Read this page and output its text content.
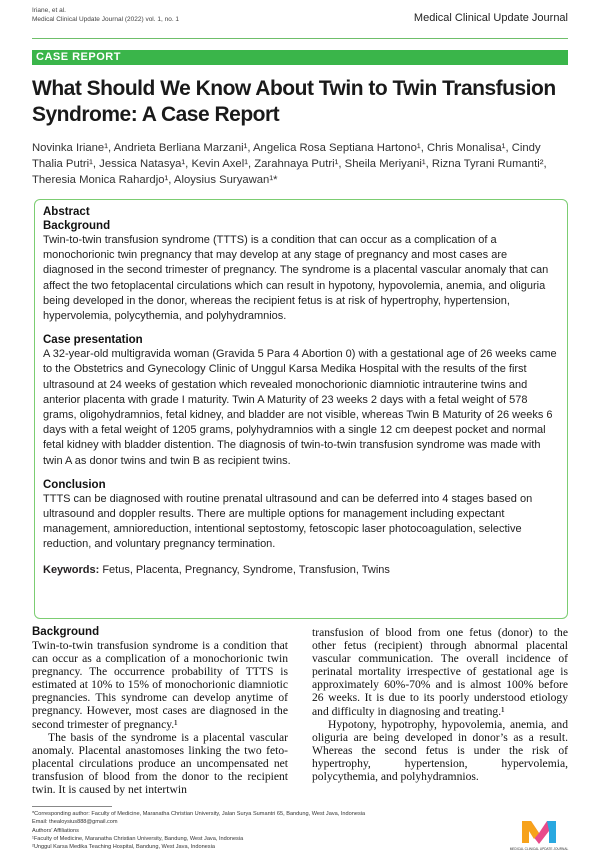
Iriane, et al.
Medical Clinical Update Journal (2022) vol. 1, no. 1	Medical Clinical Update Journal
CASE REPORT
What Should We Know About Twin to Twin Transfusion Syndrome: A Case Report
Novinka Iriane¹, Andrieta Berliana Marzani¹, Angelica Rosa Septiana Hartono¹, Chris Monalisa¹, Cindy Thalia Putri¹, Jessica Natasya¹, Kevin Axel¹, Zarahnaya Putri¹, Sheila Meriyani¹, Rizna Tyrani Rumanti², Theresia Monica Rahardjo¹, Aloysius Suryawan¹*
Abstract
Background
Twin-to-twin transfusion syndrome (TTTS) is a condition that can occur as a complication of a monochorionic twin pregnancy that may develop at any stage of pregnancy and most cases are diagnosed in the second trimester of pregnancy. The syndrome is a placental vascular anomaly that can affect the two fetoplacental circulations which can result in hypotony, hypovolemia, anemia, and oliguria being developed in the donor, whereas the recipient fetus is at risk of hypertrophy, hypertension, hypervolemia, polycythemia, and polyhydramnios.
Case presentation
A 32-year-old multigravida woman (Gravida 5 Para 4 Abortion 0) with a gestational age of 26 weeks came to the Obstetrics and Gynecology Clinic of Unggul Karsa Medika Hospital with the results of the first ultrasound at 24 weeks of gestation which revealed monochorionic diamniotic intrauterine twins and anterior placenta with grade I maturity. Twin A Maturity of 23 weeks 2 days with a fetal weight of 578 grams, oligohydramnios, fetal kidney, and bladder are not visible, whereas Twin B Maturity of 26 weeks 6 days with a fetal weight of 1205 grams, polyhydramnios with a single 12 cm deepest pocket and normal fetal kidney with bladder distention. The diagnosis of twin-to-twin transfusion syndrome was made with twin A as donor twins and twin B as recipient twins.
Conclusion
TTTS can be diagnosed with routine prenatal ultrasound and can be deferred into 4 stages based on ultrasound and doppler results. There are multiple options for management including expectant management, amnioreduction, intentional septostomy, fetoscopic laser photocoagulation, selective reduction, and voluntary pregnancy termination.
Keywords: Fetus, Placenta, Pregnancy, Syndrome, Transfusion, Twins
Background

Twin-to-twin transfusion syndrome is a condition that can occur as a complication of a monochorionic twin pregnancy. The occurrence probability of TTTS is estimated at 10% to 15% of monochorionic diamniotic pregnancies. This syndrome can develop anytime of pregnancy. However, most cases are diagnosed in the second trimester of pregnancy.¹

The basis of the syndrome is a placental vascular anomaly. Placental anastomoses linking the two feto-placental circulations produce an uncompensated net transfusion of blood from the donor to the recipient twin. It is caused by net intertwin

transfusion of blood from one fetus (donor) to the other fetus (recipient) through abnormal placental vascular communication. The overall incidence of perinatal mortality irrespective of gestational age is approximately 60%-70% and is almost 100% before 26 weeks. It is due to its poorly understood etiology and difficulty in diagnosing and treating.¹

Hypotony, hypotrophy, hypovolemia, anemia, and oliguria are being developed in donor’s as a result. Whereas the second fetus is under the risk of hypertrophy, hypertension, hypervolemia, polycythemia, and polyhydramnios.

*Corresponding author: Faculty of Medicine, Maranatha Christian University, Jalan Surya Sumantri 65, Bandung, West Java, Indonesia
Email: thealoysius888@gmail.com
Authors’ Affiliations
¹Faculty of Medicine, Maranatha Christian University, Bandung, West Java, Indonesia
²Unggul Karsa Medika Teaching Hospital, Bandung, West Java, Indonesia	MEDICAL CLINICAL UPDATE JOURNAL
